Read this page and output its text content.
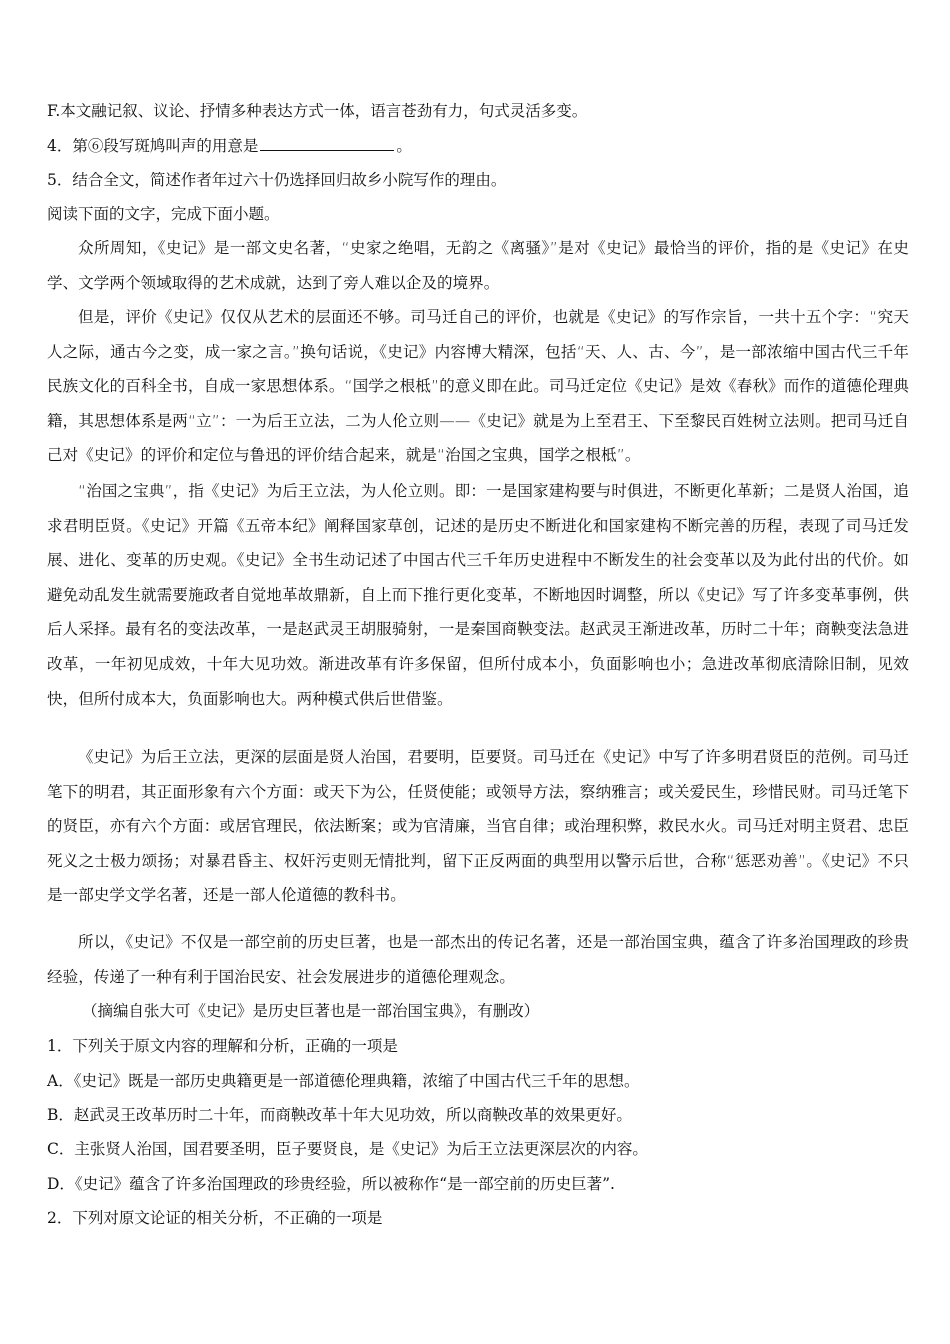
F.本文融记叙、议论、抒情多种表达方式一体，语言苍劲有力，句式灵活多变。
4．第⑥段写斑鸠叫声的用意是	。
5．结合全文，简述作者年过六十仍选择回归故乡小院写作的理由。
阅读下面的文字，完成下面小题。

众所周知，《史记》是一部文史名著，“史家之绝唱，无韵之《离骚》”是对《史记》最恰当的评价，指的是《史记》在史学、文学两个领域取得的艺术成就，达到了旁人难以企及的境界。

但是，评价《史记》仅仅从艺术的层面还不够。司马迁自己的评价，也就是《史记》的写作宗旨，一共十五个字：“究天人之际，通古今之变，成一家之言。”换句话说，《史记》内容博大精深，包括“天、人、古、今”，是一部浓缩中国古代三千年民族文化的百科全书，自成一家思想体系。“国学之根柢”的意义即在此。司马迁定位《史记》是效《春秋》而作的道德伦理典籍，其思想体系是两“立”：一为后王立法，二为人伦立则——《史记》就是为上至君王、下至黎民百姓树立法则。把司马迁自己对《史记》的评价和定位与鲁迅的评价结合起来，就是“治国之宝典，国学之根柢”。

“治国之宝典”，指《史记》为后王立法，为人伦立则。即：一是国家建构要与时俱进，不断更化革新；二是贤人治国，追求君明臣贤。《史记》开篇《五帝本纪》阐释国家草创，记述的是历史不断进化和国家建构不断完善的历程，表现了司马迁发展、进化、变革的历史观。《史记》全书生动记述了中国古代三千年历史进程中不断发生的社会变革以及为此付出的代价。如避免动乱发生就需要施政者自觉地革故鼎新，自上而下推行更化变革，不断地因时调整，所以《史记》写了许多变革事例，供后人采择。最有名的变法改革，一是赵武灵王胡服骑射，一是秦国商鞅变法。赵武灵王渐进改革，历时二十年；商鞅变法急进改革，一年初见成效，十年大见功效。渐进改革有许多保留，但所付成本小，负面影响也小；急进改革彻底清除旧制，见效快，但所付成本大，负面影响也大。两种模式供后世借鉴。

《史记》为后王立法，更深的层面是贤人治国，君要明，臣要贤。司马迁在《史记》中写了许多明君贤臣的范例。司马迁笔下的明君，其正面形象有六个方面：或天下为公，任贤使能；或领导方法，察纳雅言；或关爱民生，珍惜民财。司马迁笔下的贤臣，亦有六个方面：或居官理民，依法断案；或为官清廉，当官自律；或治理积弊，救民水火。司马迁对明主贤君、忠臣死义之士极力颂扬；对暴君昏主、权奸污吏则无情批判，留下正反两面的典型用以警示后世，合称“惩恶劝善”。《史记》不只是一部史学文学名著，还是一部人伦道德的教科书。

所以，《史记》不仅是一部空前的历史巨著，也是一部杰出的传记名著，还是一部治国宝典，蕴含了许多治国理政的珍贵经验，传递了一种有利于国治民安、社会发展进步的道德伦理观念。

（摘编自张大可《史记》是历史巨著也是一部治国宝典》，有删改）
1．下列关于原文内容的理解和分析，正确的一项是
A．《史记》既是一部历史典籍更是一部道德伦理典籍，浓缩了中国古代三千年的思想。
B．赵武灵王改革历时二十年，而商鞅改革十年大见功效，所以商鞅改革的效果更好。
C．主张贤人治国，国君要圣明，臣子要贤良，是《史记》为后王立法更深层次的内容。
D．《史记》蕴含了许多治国理政的珍贵经验，所以被称作“是一部空前的历史巨著”.
2．下列对原文论证的相关分析，不正确的一项是
